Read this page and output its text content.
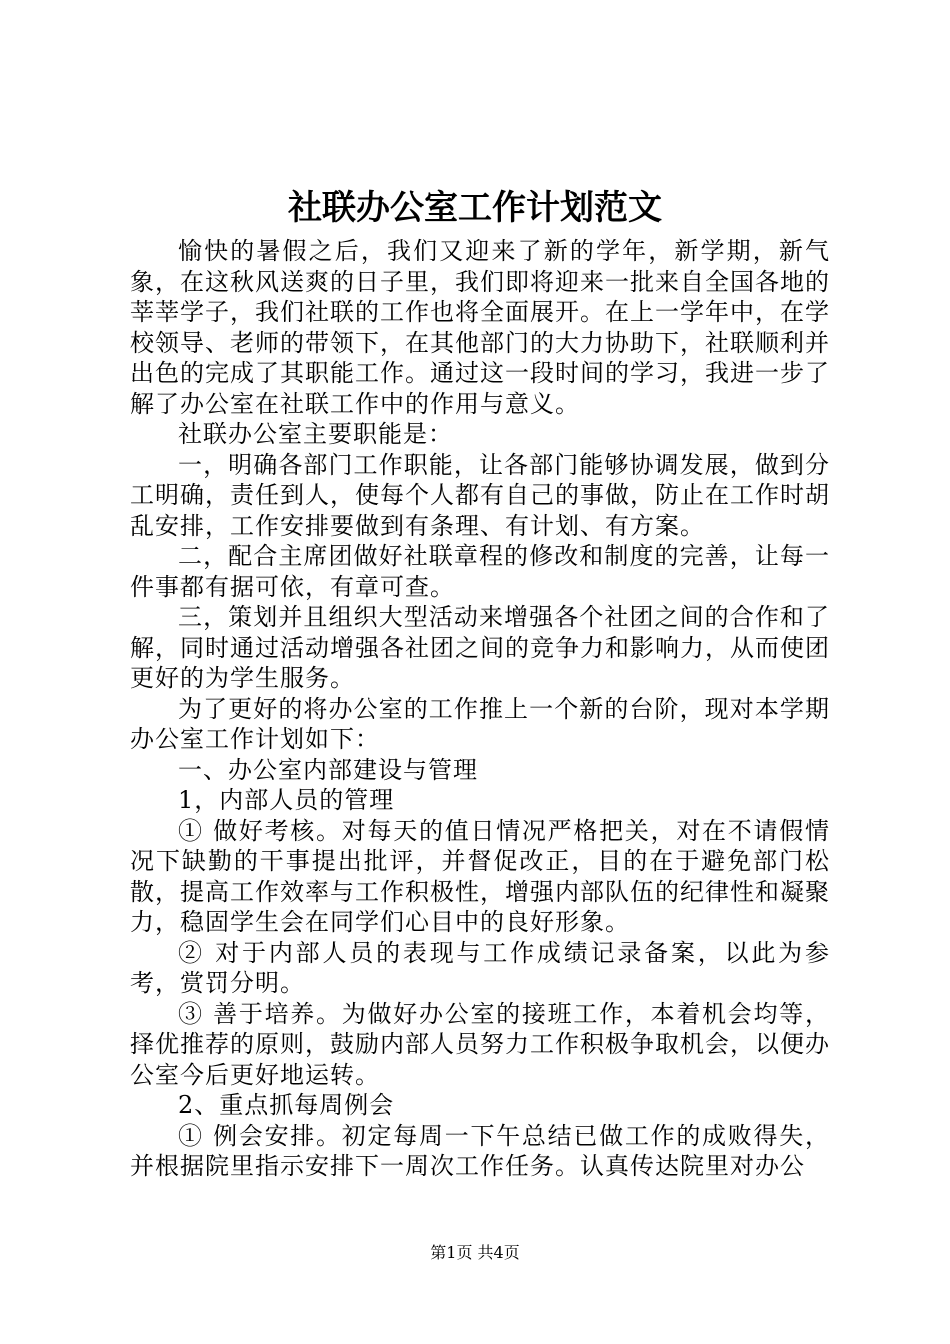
社联办公室工作计划范文

愉快的暑假之后，我们又迎来了新的学年，新学期，新气象，在这秋风送爽的日子里，我们即将迎来一批来自全国各地的莘莘学子，我们社联的工作也将全面展开。在上一学年中，在学校领导、老师的带领下，在其他部门的大力协助下，社联顺利并出色的完成了其职能工作。通过这一段时间的学习，我进一步了解了办公室在社联工作中的作用与意义。

社联办公室主要职能是：

一，明确各部门工作职能，让各部门能够协调发展，做到分工明确，责任到人，使每个人都有自己的事做，防止在工作时胡乱安排，工作安排要做到有条理、有计划、有方案。

二，配合主席团做好社联章程的修改和制度的完善，让每一件事都有据可依，有章可查。

三，策划并且组织大型活动来增强各个社团之间的合作和了解，同时通过活动增强各社团之间的竞争力和影响力，从而使团更好的为学生服务。

为了更好的将办公室的工作推上一个新的台阶，现对本学期办公室工作计划如下：

一、办公室内部建设与管理

1，内部人员的管理

① 做好考核。对每天的值日情况严格把关，对在不请假情况下缺勤的干事提出批评，并督促改正，目的在于避免部门松散，提高工作效率与工作积极性，增强内部队伍的纪律性和凝聚力，稳固学生会在同学们心目中的良好形象。

② 对于内部人员的表现与工作成绩记录备案，以此为参考，赏罚分明。

③ 善于培养。为做好办公室的接班工作，本着机会均等，择优推荐的原则，鼓励内部人员努力工作积极争取机会，以便办公室今后更好地运转。

2、重点抓每周例会

① 例会安排。初定每周一下午总结已做工作的成败得失，并根据院里指示安排下一周次工作任务。认真传达院里对办公

第1页 共4页
